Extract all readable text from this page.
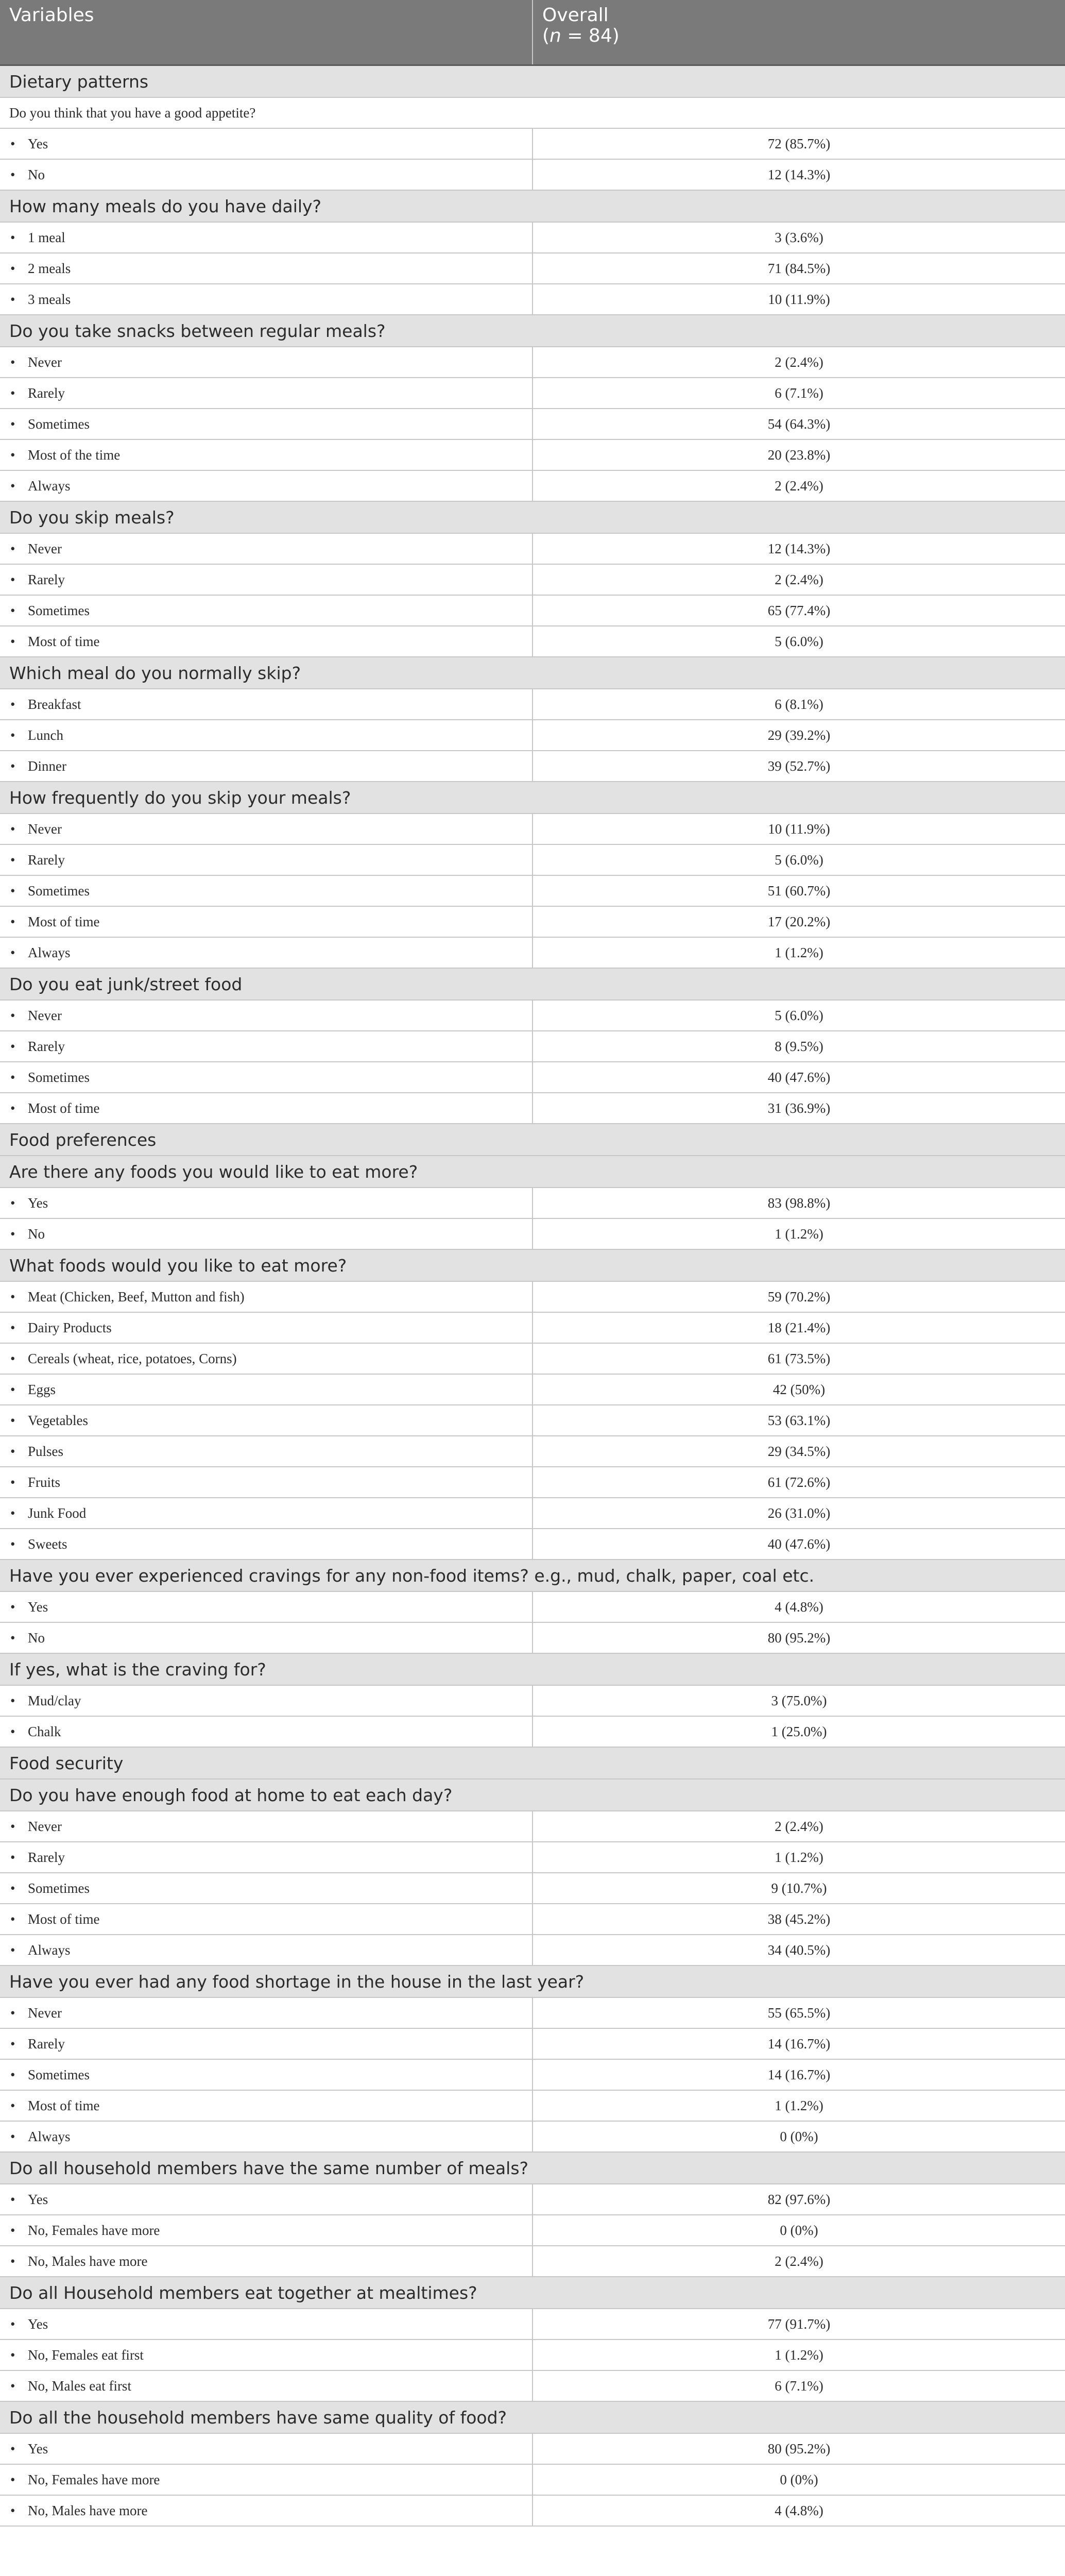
Variables	Overall
(n = 84)

Dietary patterns	
Do you think that you have a good appetite?	
• Yes	72 (85.7%)
• No	12 (14.3%)
How many meals do you have daily?	
• 1 meal	3 (3.6%)
• 2 meals	71 (84.5%)
• 3 meals	10 (11.9%)
Do you take snacks between regular meals?	
• Never	2 (2.4%)
• Rarely	6 (7.1%)
• Sometimes	54 (64.3%)
• Most of the time	20 (23.8%)
• Always	2 (2.4%)
Do you skip meals?	
• Never	12 (14.3%)
• Rarely	2 (2.4%)
• Sometimes	65 (77.4%)
• Most of time	5 (6.0%)
Which meal do you normally skip?	
• Breakfast	6 (8.1%)
• Lunch	29 (39.2%)
• Dinner	39 (52.7%)
How frequently do you skip your meals?	
• Never	10 (11.9%)
• Rarely	5 (6.0%)
• Sometimes	51 (60.7%)
• Most of time	17 (20.2%)
• Always	1 (1.2%)
Do you eat junk/street food	
• Never	5 (6.0%)
• Rarely	8 (9.5%)
• Sometimes	40 (47.6%)
• Most of time	31 (36.9%)
Food preferences	
Are there any foods you would like to eat more?	
• Yes	83 (98.8%)
• No	1 (1.2%)
What foods would you like to eat more?	
• Meat (Chicken, Beef, Mutton and fish)	59 (70.2%)
• Dairy Products	18 (21.4%)
• Cereals (wheat, rice, potatoes, Corns)	61 (73.5%)
• Eggs	42 (50%)
• Vegetables	53 (63.1%)
• Pulses	29 (34.5%)
• Fruits	61 (72.6%)
• Junk Food	26 (31.0%)
• Sweets	40 (47.6%)
Have you ever experienced cravings for any non-food items? e.g., mud, chalk, paper, coal etc.	
• Yes	4 (4.8%)
• No	80 (95.2%)
If yes, what is the craving for?	
• Mud/clay	3 (75.0%)
• Chalk	1 (25.0%)
Food security	
Do you have enough food at home to eat each day?	
• Never	2 (2.4%)
• Rarely	1 (1.2%)
• Sometimes	9 (10.7%)
• Most of time	38 (45.2%)
• Always	34 (40.5%)
Have you ever had any food shortage in the house in the last year?	
• Never	55 (65.5%)
• Rarely	14 (16.7%)
• Sometimes	14 (16.7%)
• Most of time	1 (1.2%)
• Always	0 (0%)
Do all household members have the same number of meals?	
• Yes	82 (97.6%)
• No, Females have more	0 (0%)
• No, Males have more	2 (2.4%)
Do all Household members eat together at mealtimes?	
• Yes	77 (91.7%)
• No, Females eat first	1 (1.2%)
• No, Males eat first	6 (7.1%)
Do all the household members have same quality of food?	
• Yes	80 (95.2%)
• No, Females have more	0 (0%)
• No, Males have more	4 (4.8%)
